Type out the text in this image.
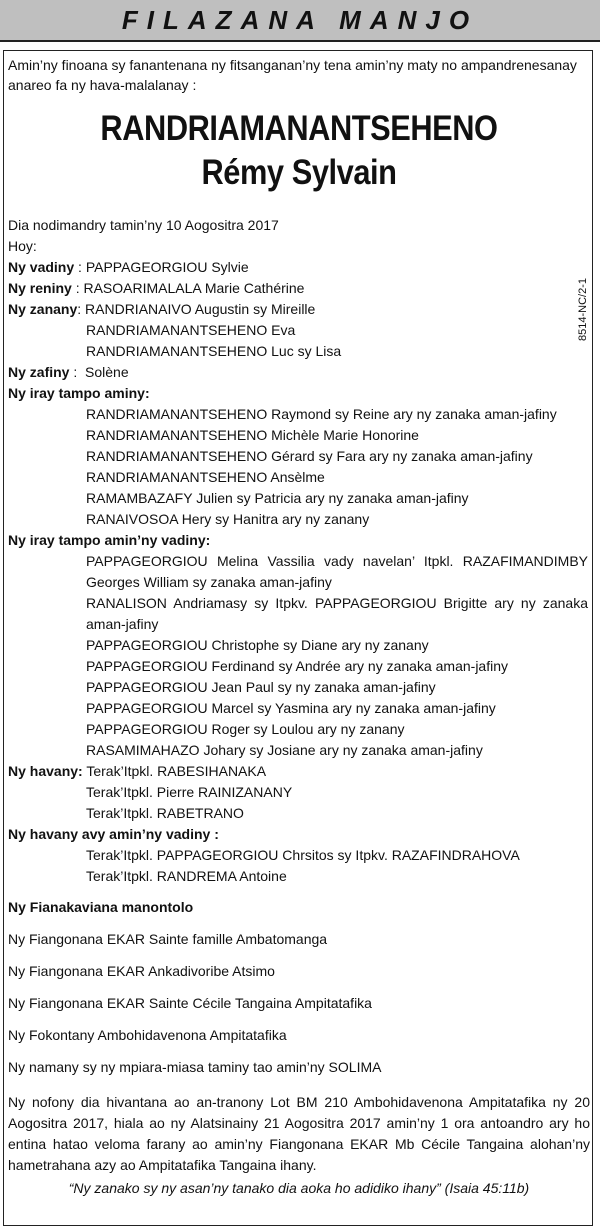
FILAZANA MANJO
8514-NC/2-1

Amin’ny finoana sy fanantenana ny fitsanganan’ny tena amin’ny maty no ampandrenesanay anareo fa ny hava-malalanay :

RANDRIAMANANTSEHENO
Rémy Sylvain
Dia nodimandry tamin’ny 10 Aogositra 2017
Hoy:
Ny vadiny : PAPPAGEORGIOU Sylvie
Ny reniny : RASOARIMALALA Marie Cathérine
Ny zanany: RANDRIANAIVO Augustin sy Mireille
RANDRIAMANANTSEHENO Eva
RANDRIAMANANTSEHENO Luc sy Lisa
Ny zafiny :  Solène
Ny iray tampo aminy:
RANDRIAMANANTSEHENO Raymond sy Reine ary ny zanaka aman-jafiny
RANDRIAMANANTSEHENO Michèle Marie Honorine
RANDRIAMANANTSEHENO Gérard sy Fara ary ny zanaka aman-jafiny
RANDRIAMANANTSEHENO Ansèlme
RAMAMBAZAFY Julien sy Patricia ary ny zanaka aman-jafiny
RANAIVOSOA Hery sy Hanitra ary ny zanany
Ny iray tampo amin’ny vadiny:
PAPPAGEORGIOU Melina Vassilia vady navelan’ Itpkl. RAZAFIMANDIMBY Georges William sy zanaka aman-jafiny
RANALISON Andriamasy sy Itpkv. PAPPAGEORGIOU Brigitte ary ny zanaka aman-jafiny
PAPPAGEORGIOU Christophe sy Diane ary ny zanany
PAPPAGEORGIOU Ferdinand sy Andrée ary ny zanaka aman-jafiny
PAPPAGEORGIOU Jean Paul sy ny zanaka aman-jafiny
PAPPAGEORGIOU Marcel sy Yasmina ary ny zanaka aman-jafiny
PAPPAGEORGIOU Roger sy Loulou ary ny zanany
RASAMIMAHAZO Johary sy Josiane ary ny zanaka aman-jafiny
Ny havany: Terak’Itpkl. RABESIHANAKA
Terak’Itpkl. Pierre RAINIZANANY
Terak’Itpkl. RABETRANO
Ny havany avy amin’ny vadiny :
Terak’Itpkl. PAPPAGEORGIOU Chrsitos sy Itpkv. RAZAFINDRAHOVA
Terak’Itpkl. RANDREMA Antoine
Ny Fianakaviana manontolo
Ny Fiangonana EKAR Sainte famille Ambatomanga
Ny Fiangonana EKAR Ankadivoribe Atsimo
Ny Fiangonana EKAR Sainte Cécile Tangaina Ampitatafika
Ny Fokontany Ambohidavenona Ampitatafika
Ny namany sy ny mpiara-miasa taminy tao amin’ny SOLIMA
Ny nofony dia hivantana ao an-tranony Lot BM 210 Ambohidavenona Ampitatafika ny 20 Aogositra 2017, hiala ao ny Alatsinainy 21 Aogositra 2017 amin’ny 1 ora antoandro ary ho entina hatao veloma farany ao amin’ny Fiangonana EKAR Mb Cécile Tangaina alohan’ny hametrahana azy ao Ampitatafika Tangaina ihany.
“Ny zanako sy ny asan’ny tanako dia aoka ho adidiko ihany” (Isaia 45:11b)
